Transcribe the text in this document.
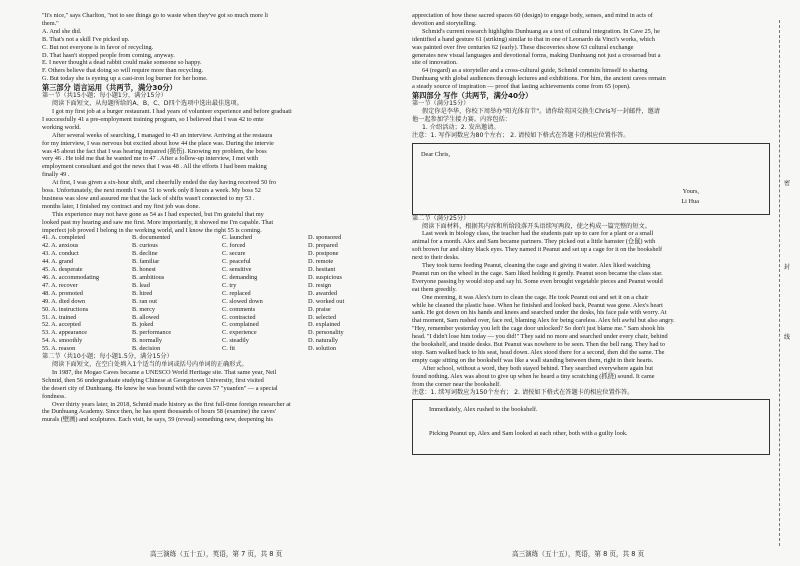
"It's nice," says Charlton, "not to see things go to waste when they've got so much more li

them."

A. And she did.

B. That's not a skill I've picked up.

C. But not everyone is in favor of recycling.

D. That hasn't stopped people from coming, anyway.

E. I never thought a dead rabbit could make someone so happy.

F. Others believe that doing so will require more than recycling.

G. But today she is eyeing up a cast-iron log burner for her home.

第三部分 语言运用（共两节，满分30分）

第一节（共15小题；每小题1分，满分15分）

阅读下面短文，从每题所给的A、B、C、D四个选项中选出最佳选项。

I got my first job at a burger restaurant. I had years of volunteer experience and before graduati

I successfully 41 a pre-employment training program, so I believed that I was 42 to ente

working world.

After several weeks of searching, I managed to 43 an interview. Arriving at the restaura

for my interview, I was nervous but excited about how 44 the place was. During the intervie

was 45 about the fact that I was hearing impaired (损伤). Knowing my problem, the boss

very 46 . He told me that he wanted me to 47 . After a follow-up interview, I met with

employment consultant and got the news that I was 48 . All the efforts I had been making

finally 49 .

At first, I was given a six-hour shift, and cheerfully ended the day having received 50 fro

boss. Unfortunately, the next month I was 51 to work only 8 hours a week. My boss 52

business was slow and assured me that the lack of shifts wasn't connected to my 53 .

months later, I finished my contract and my first job was done.

This experience may not have gone as 54 as I had expected, but I'm grateful that my

looked past my hearing and saw me first. More importantly, it showed me I'm capable. That

imperfect job proved I belong in the working world, and I know the right 55 is coming.

41. A. completed	B. documented	C. launched	D. sponsored
42. A. anxious	B. curious	C. forced	D. prepared
43. A. conduct	B. decline	C. secure	D. postpone
44. A. grand	B. familiar	C. peaceful	D. remote
45. A. desperate	B. honest	C. sensitive	D. hesitant
46. A. accommodating	B. ambitious	C. demanding	D. suspicious
47. A. recover	B. lead	C. try	D. resign
48. A. promoted	B. hired	C. replaced	D. awarded
49. A. died down	B. ran out	C. slowed down	D. worked out
50. A. instructions	B. mercy	C. comments	D. praise
51. A. trained	B. allowed	C. contracted	D. selected
52. A. accepted	B. joked	C. complained	D. explained
53. A. appearance	B. performance	C. experience	D. personality
54. A. smoothly	B. normally	C. steadily	D. naturally
55. A. reason	B. decision	C. fit	D. solution

第二节（共10小题；每小题1.5分，满分15分）

阅读下面短文，在空白处填入1个适当的单词或括号内单词的正确形式。

In 1987, the Mogao Caves became a UNESCO World Heritage site. That same year, Neil

Schmid, then 56 undergraduate studying Chinese at Georgetown University, first visited

the desert city of Dunhuang. He knew he was bound with the caves 57 "yuanfen" — a special

fondness.

Over thirty years later, in 2018, Schmid made history as the first full-time foreign researcher at

the Dunhuang Academy. Since then, he has spent thousands of hours 58 (examine) the caves'

murals (壁画) and sculptures. Each visit, he says, 59 (reveal) something new, deepening his

appreciation of how these sacred spaces 60 (design) to engage body, senses, and mind in acts of

devotion and storytelling.

Schmid's current research highlights Dunhuang as a text of cultural integration. In Cave 25, he

identified a hand gesture 61 (striking) similar to that in one of Leonardo da Vinci's works, which

was painted over five centuries 62 (early). These discoveries show 63 cultural exchange

generates new visual languages and devotional forms, making Dunhuang not just a crossroad but a

site of innovation.

64 (regard) as a storyteller and a cross-cultural guide, Schmid commits himself to sharing

Dunhuang with global audiences through lectures and exhibitions. For him, the ancient caves remain

a steady source of inspiration — proof that lasting achievements come from 65 (open).

第四部分 写作（共两节，满分40分）

第一节（满分15分）

假定你是李华，你校下周举办"阳光体育节"。请你给英国交换生Chris写一封邮件，邀请

他一起参加学生接力赛。内容包括：

1. 介绍活动；2. 发出邀请。

注意：1. 写作词数应为80个左右； 2. 请按如下格式在答题卡的相应位置作答。

Dear Chris,
Yours,
Li Hua

第二节（满分25分）

阅读下面材料，根据其内容和所给段落开头语续写两段，使之构成一篇完整的短文。

Last week in biology class, the teacher had the students pair up to care for a plant or a small

animal for a month. Alex and Sam became partners. They picked out a little hamster (仓鼠) with

soft brown fur and shiny black eyes. They named it Peanut and set up a cage for it on the bookshelf

next to their desks.

They took turns feeding Peanut, cleaning the cage and giving it water. Alex liked watching

Peanut run on the wheel in the cage. Sam liked holding it gently. Peanut soon became the class star.

Everyone passing by would stop and say hi. Some even brought vegetable pieces and Peanut would

eat them greedily.

One morning, it was Alex's turn to clean the cage. He took Peanut out and set it on a chair

while he cleaned the plastic base. When he finished and looked back, Peanut was gone. Alex's heart

sank. He got down on his hands and knees and searched under the desks, his face pale with worry. At

that moment, Sam rushed over, face red, blaming Alex for being careless. Alex felt awful but also angry.

"Hey, remember yesterday you left the cage door unlocked? So don't just blame me." Sam shook his

head. "I didn't lose him today — you did!" They said no more and searched under every chair, behind

the bookshelf, and inside desks. But Peanut was nowhere to be seen. Then the bell rang. They had to

stop. Sam walked back to his seat, head down. Alex stood there for a second, then did the same. The

empty cage sitting on the bookshelf was like a wall standing between them, right in their hearts.

After school, without a word, they both stayed behind. They searched everywhere again but

found nothing. Alex was about to give up when he heard a tiny scratching (抓挠) sound. It came

from the corner near the bookshelf.

注意：1. 续写词数应为150个左右； 2. 请按如下格式在答题卡的相应位置作答。

Immediately, Alex rushed to the bookshelf.
Picking Peanut up, Alex and Sam looked at each other, both with a guilty look.
高三演练（五十五），英语，第 7 页，共 8 页	高三演练（五十五），英语，第 8 页，共 8 页
密
封
线
